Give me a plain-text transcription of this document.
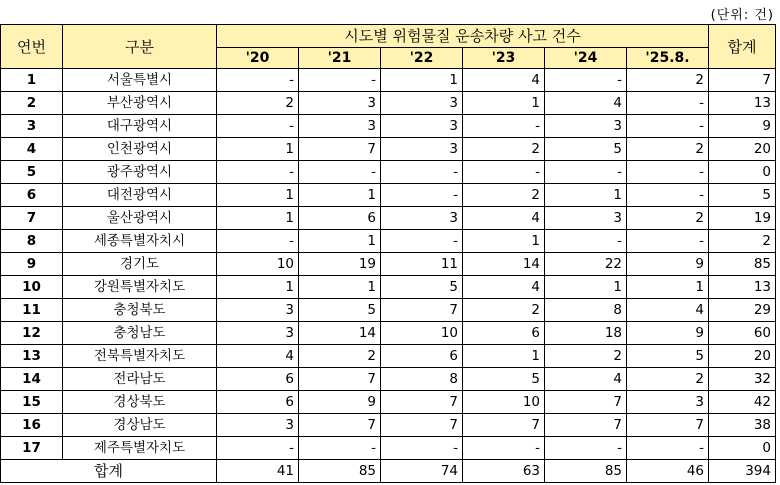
(단위: 건)
연번	구분	시도별 위험물질 운송차량 사고 건수						합계
		'20	'21	'22	'23	'24	'25.8.	
1	서울특별시	-	-	1	4	-	2	7
2	부산광역시	2	3	3	1	4	-	13
3	대구광역시	-	3	3	-	3	-	9
4	인천광역시	1	7	3	2	5	2	20
5	광주광역시	-	-	-	-	-	-	0
6	대전광역시	1	1	-	2	1	-	5
7	울산광역시	1	6	3	4	3	2	19
8	세종특별자치시	-	1	-	1	-	-	2
9	경기도	10	19	11	14	22	9	85
10	강원특별자치도	1	1	5	4	1	1	13
11	충청북도	3	5	7	2	8	4	29
12	충청남도	3	14	10	6	18	9	60
13	전북특별자치도	4	2	6	1	2	5	20
14	전라남도	6	7	8	5	4	2	32
15	경상북도	6	9	7	10	7	3	42
16	경상남도	3	7	7	7	7	7	38
17	제주특별자치도	-	-	-	-	-	-	0
합계		41	85	74	63	85	46	394
